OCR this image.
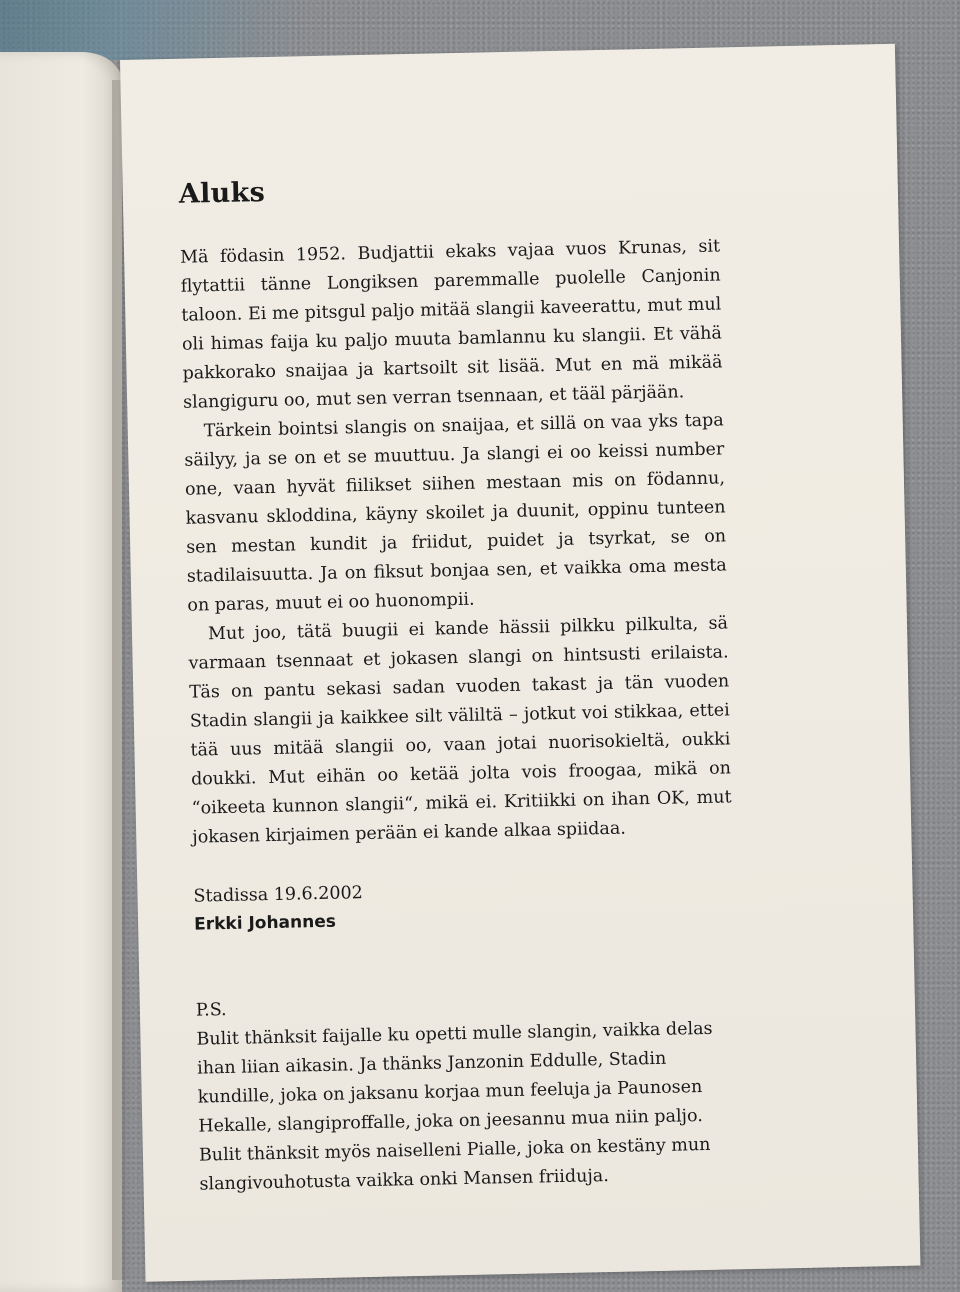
Aluks

Mä födasin 1952. Budjattii ekaks vajaa vuos Krunas, sit flytattii tänne Longiksen paremmalle puolelle Canjonin taloon. Ei me pitsgul paljo mitää slangii kaveerattu, mut mul oli himas faija ku paljo muuta bamlannu ku slangii. Et vähä pakkorako snaijaa ja kartsoilt sit lisää. Mut en mä mikää slangiguru oo, mut sen verran tsennaan, et tääl pärjään.

Tärkein bointsi slangis on snaijaa, et sillä on vaa yks tapa säilyy, ja se on et se muuttuu. Ja slangi ei oo keissi number one, vaan hyvät fiilikset siihen mestaan mis on födannu, kasvanu skloddina, käyny skoilet ja duunit, oppinu tunteen sen mestan kundit ja friidut, puidet ja tsyrkat, se on stadilaisuutta. Ja on fiksut bonjaa sen, et vaikka oma mesta on paras, muut ei oo huonompii.

Mut joo, tätä buugii ei kande hässii pilkku pilkulta, sä varmaan tsennaat et jokasen slangi on hintsusti erilaista. Täs on pantu sekasi sadan vuoden takast ja tän vuoden Stadin slangii ja kaikkee silt väliltä – jotkut voi stikkaa, ettei tää uus mitää slangii oo, vaan jotai nuorisokieltä, oukki doukki. Mut eihän oo ketää jolta vois froogaa, mikä on “oikeeta kunnon slangii“, mikä ei. Kritiikki on ihan OK, mut jokasen kirjaimen perään ei kande alkaa spiidaa.

Stadissa 19.6.2002
Erkki Johannes
P.S.
Bulit thänksit faijalle ku opetti mulle slangin, vaikka delas ihan liian aikasin. Ja thänks Janzonin Eddulle, Stadin kundille, joka on jaksanu korjaa mun feeluja ja Paunosen Hekalle, slangiproffalle, joka on jeesannu mua niin paljo. Bulit thänksit myös naiselleni Pialle, joka on kestäny mun slangivouhotusta vaikka onki Mansen friiduja.
